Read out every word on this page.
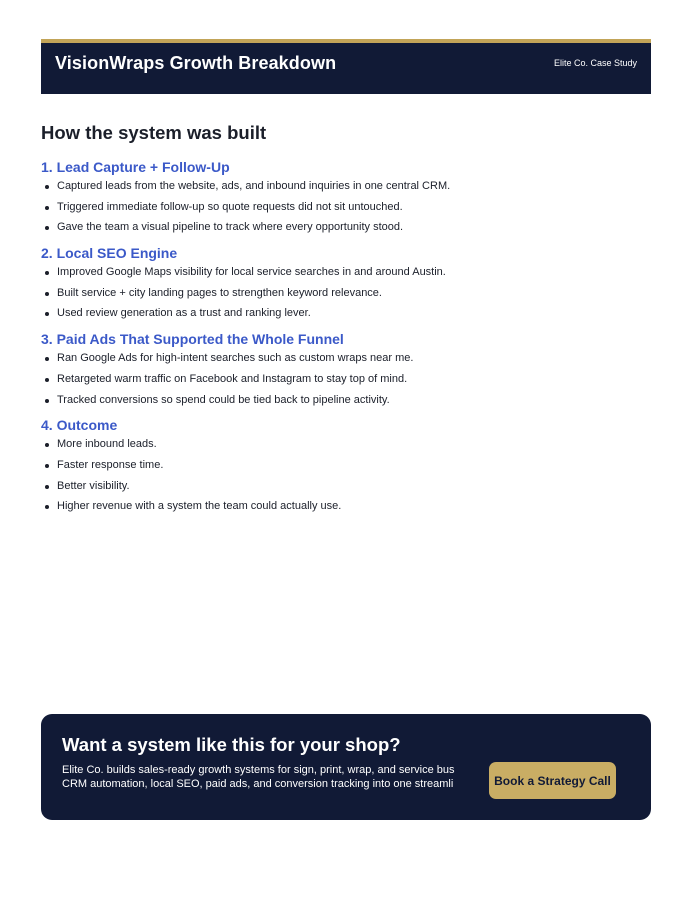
VisionWraps Growth Breakdown	Elite Co. Case Study
How the system was built
1. Lead Capture + Follow-Up
Captured leads from the website, ads, and inbound inquiries in one central CRM.
Triggered immediate follow-up so quote requests did not sit untouched.
Gave the team a visual pipeline to track where every opportunity stood.
2. Local SEO Engine
Improved Google Maps visibility for local service searches in and around Austin.
Built service + city landing pages to strengthen keyword relevance.
Used review generation as a trust and ranking lever.
3. Paid Ads That Supported the Whole Funnel
Ran Google Ads for high-intent searches such as custom wraps near me.
Retargeted warm traffic on Facebook and Instagram to stay top of mind.
Tracked conversions so spend could be tied back to pipeline activity.
4. Outcome
More inbound leads.
Faster response time.
Better visibility.
Higher revenue with a system the team could actually use.
Want a system like this for your shop?
Elite Co. builds sales-ready growth systems for sign, print, wrap, and service bus
CRM automation, local SEO, paid ads, and conversion tracking into one streamli	Book a Strategy Call
